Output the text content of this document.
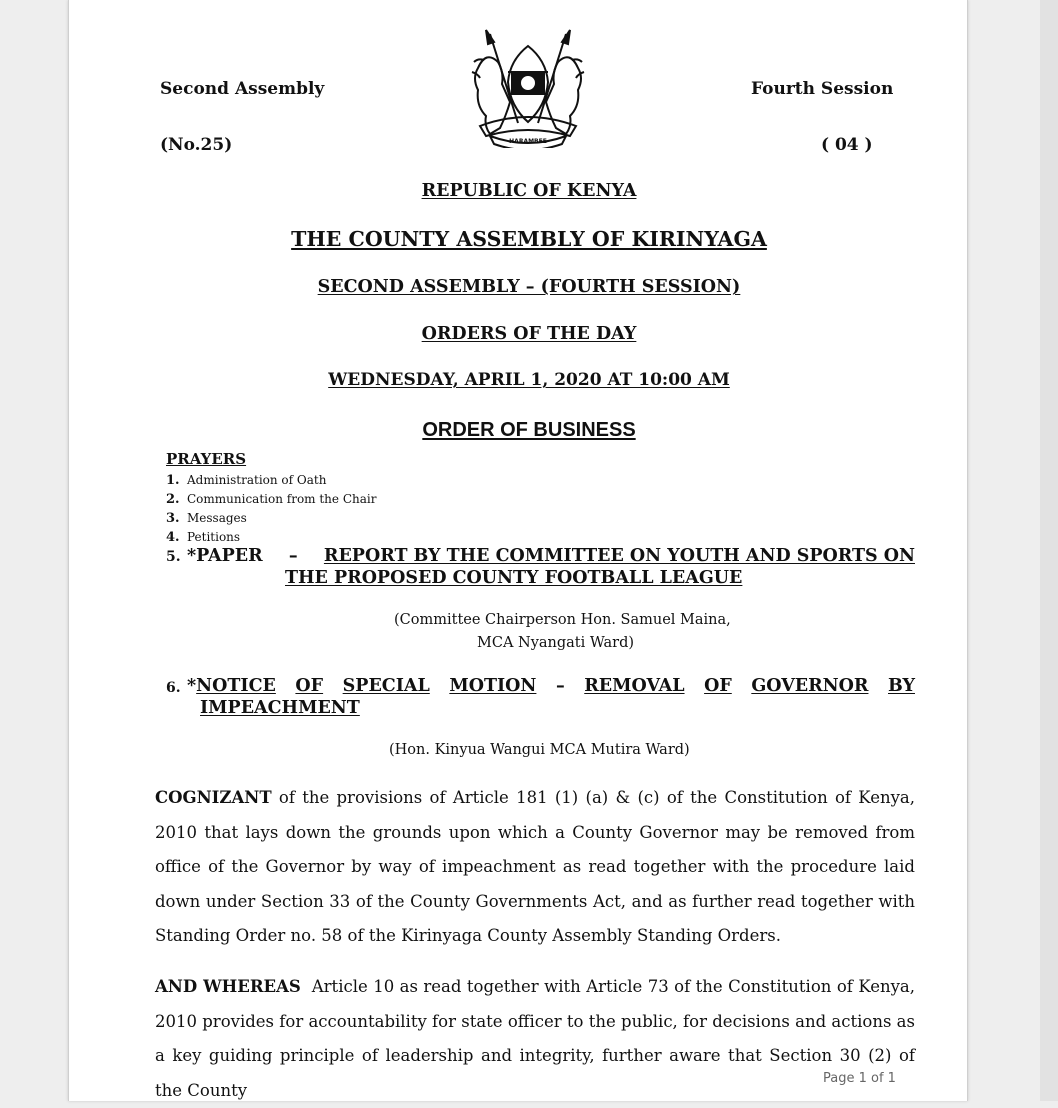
Second Assembly	Fourth Session
(No.25)	( 04 )
HARAMBEE
REPUBLIC OF KENYA
THE COUNTY ASSEMBLY OF KIRINYAGA
SECOND ASSEMBLY – (FOURTH SESSION)
ORDERS OF THE DAY
WEDNESDAY, APRIL 1, 2020 AT 10:00 AM
ORDER OF BUSINESS
PRAYERS
1. Administration of Oath
2. Communication from the Chair
3. Messages
4. Petitions
5. *PAPER – REPORT BY THE COMMITTEE ON YOUTH AND SPORTS ON
THE PROPOSED COUNTY FOOTBALL LEAGUE
(Committee Chairperson Hon. Samuel Maina,
MCA Nyangati Ward)
6. *NOTICE OF SPECIAL MOTION – REMOVAL OF GOVERNOR BY
IMPEACHMENT
(Hon. Kinyua Wangui MCA Mutira Ward)
COGNIZANT of the provisions of Article 181 (1) (a) & (c) of the Constitution of Kenya, 2010 that lays down the grounds upon which a County Governor may be removed from office of the Governor by way of impeachment as read together with the procedure laid down under Section 33 of the County Governments Act, and as further read together with Standing Order no. 58 of the Kirinyaga County Assembly Standing Orders.
AND WHEREAS  Article 10 as read together with Article 73 of the Constitution of Kenya, 2010 provides for accountability for state officer to the public, for decisions and actions as a key guiding principle of leadership and integrity, further aware that Section 30 (2) of the County
Page 1 of 1
